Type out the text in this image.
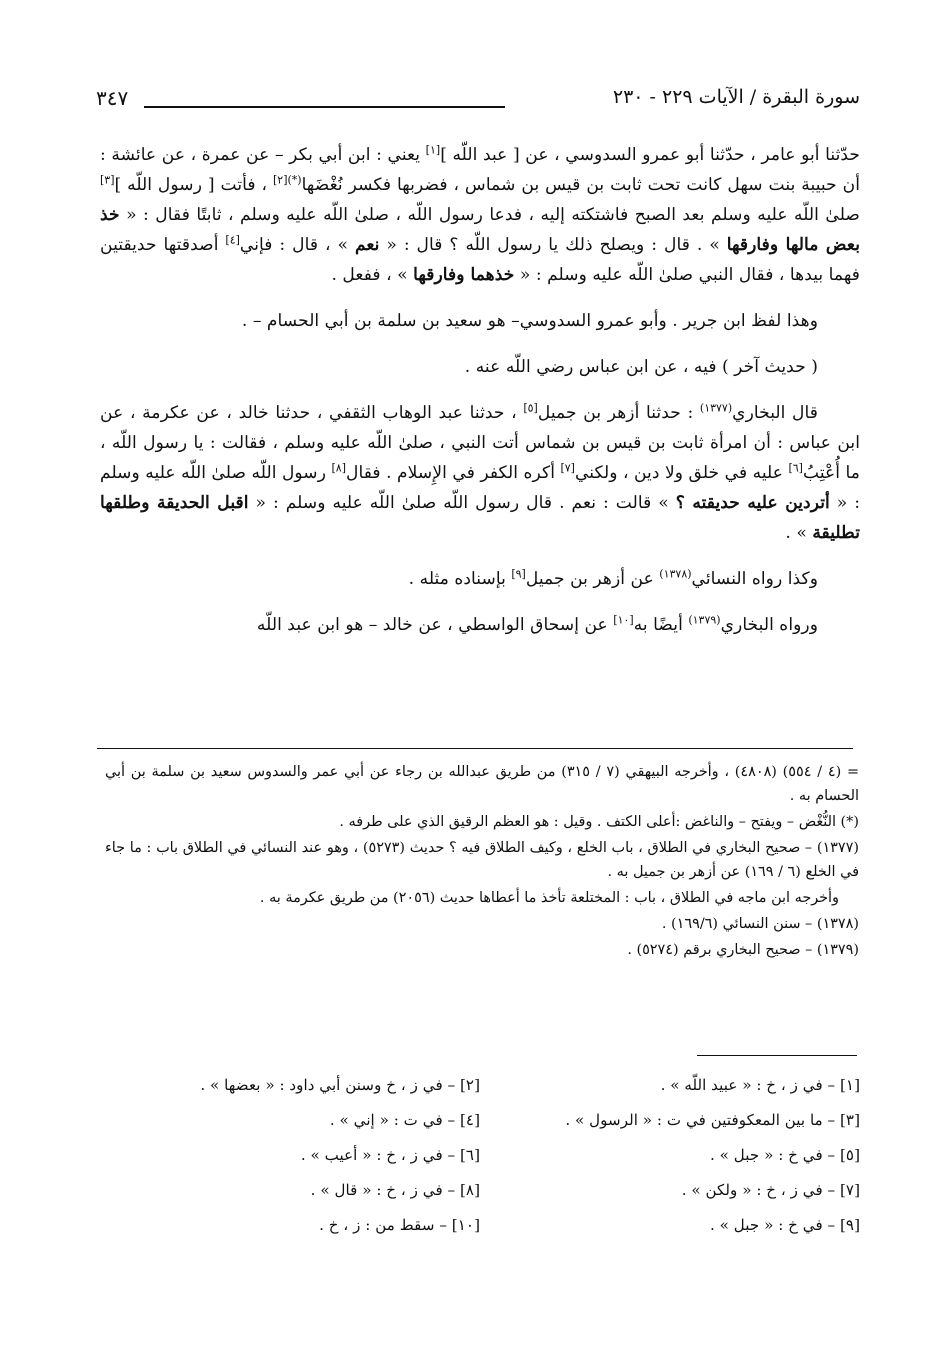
سورة البقرة / الآيات ٢٢٩ - ٢٣٠
٣٤٧

حدّثنا أبو عامر ، حدّثنا أبو عمرو السدوسي ، عن [ عبد اللّه ][١] يعني : ابن أبي بكر – عن عمرة ، عن عائشة : أن حبيبة بنت سهل كانت تحت ثابت بن قيس بن شماس ، فضربها فكسر نُغْضَها$^{(*)[٢]}$ ، فأتت [ رسول اللّه ][٣] صلىٰ اللّه عليه وسلم بعد الصبح فاشتكته إليه ، فدعا رسول اللّه ، صلىٰ اللّه عليه وسلم ، ثابتًا فقال : « خذ بعض مالها وفارقها » . قال : ويصلح ذلك يا رسول اللّه ؟ قال : « نعم » ، قال : فإني[٤] أصدقتها حديقتين فهما بيدها ، فقال النبي صلىٰ اللّه عليه وسلم : « خذهما وفارقها » ، ففعل .

وهذا لفظ ابن جرير . وأبو عمرو السدوسي– هو سعيد بن سلمة بن أبي الحسام – .

( حديث آخر ) فيه ، عن ابن عباس رضي اللّه عنه .

قال البخاري$^{(١٣٧٧)}$ : حدثنا أزهر بن جميل[٥] ، حدثنا عبد الوهاب الثقفي ، حدثنا خالد ، عن عكرمة ، عن ابن عباس : أن امرأة ثابت بن قيس بن شماس أتت النبي ، صلىٰ اللّه عليه وسلم ، فقالت : يا رسول اللّه ، ما أُعْتِبُ[٦] عليه في خلق ولا دين ، ولكني[٧] أكره الكفر في الإِسلام . فقال[٨] رسول اللّه صلىٰ اللّه عليه وسلم : « أتردين عليه حديقته ؟ » قالت : نعم . قال رسول اللّه صلىٰ اللّه عليه وسلم : « اقبل الحديقة وطلقها تطليقة » .

وكذا رواه النسائي$^{(١٣٧٨)}$ عن أزهر بن جميل[٩] بإسناده مثله .

ورواه البخاري$^{(١٣٧٩)}$ أيضًا به[١٠] عن إسحاق الواسطي ، عن خالد – هو ابن عبد اللّه

= (٤ / ٥٥٤) (٤٨٠٨) ، وأخرجه البيهقي (٧ / ٣١٥) من طريق عبدالله بن رجاء عن أبي عمر والسدوس سعيد بن سلمة بن أبي الحسام به .

(*) النُّغْض – ويفتح – والناغض :أعلى الكتف . وقيل : هو العظم الرقيق الذي على طرفه .

(١٣٧٧) – صحيح البخاري في الطلاق ، باب الخلع ، وكيف الطلاق فيه ؟ حديث (٥٢٧٣) ، وهو عند النسائي في الطلاق باب : ما جاء في الخلع (٦ / ١٦٩) عن أزهر بن جميل به .

وأخرجه ابن ماجه في الطلاق ، باب : المختلعة تأخذ ما أعطاها حديث (٢٠٥٦) من طريق عكرمة به .

(١٣٧٨) – سنن النسائي (١٦٩/٦) .

(١٣٧٩) – صحيح البخاري برقم (٥٢٧٤) .

[١] – في ز ، خ : « عبيد اللّه » .
[٢] – في ز ، خ وسنن أبي داود : « بعضها » .
[٣] – ما بين المعكوفتين في ت : « الرسول » .
[٤] – في ت : « إني » .
[٥] – في خ : « جبل » .
[٦] – في ز ، خ : « أعيب » .
[٧] – في ز ، خ : « ولكن » .
[٨] – في ز ، خ : « قال » .
[٩] – في خ : « جبل » .
[١٠] – سقط من : ز ، خ .
